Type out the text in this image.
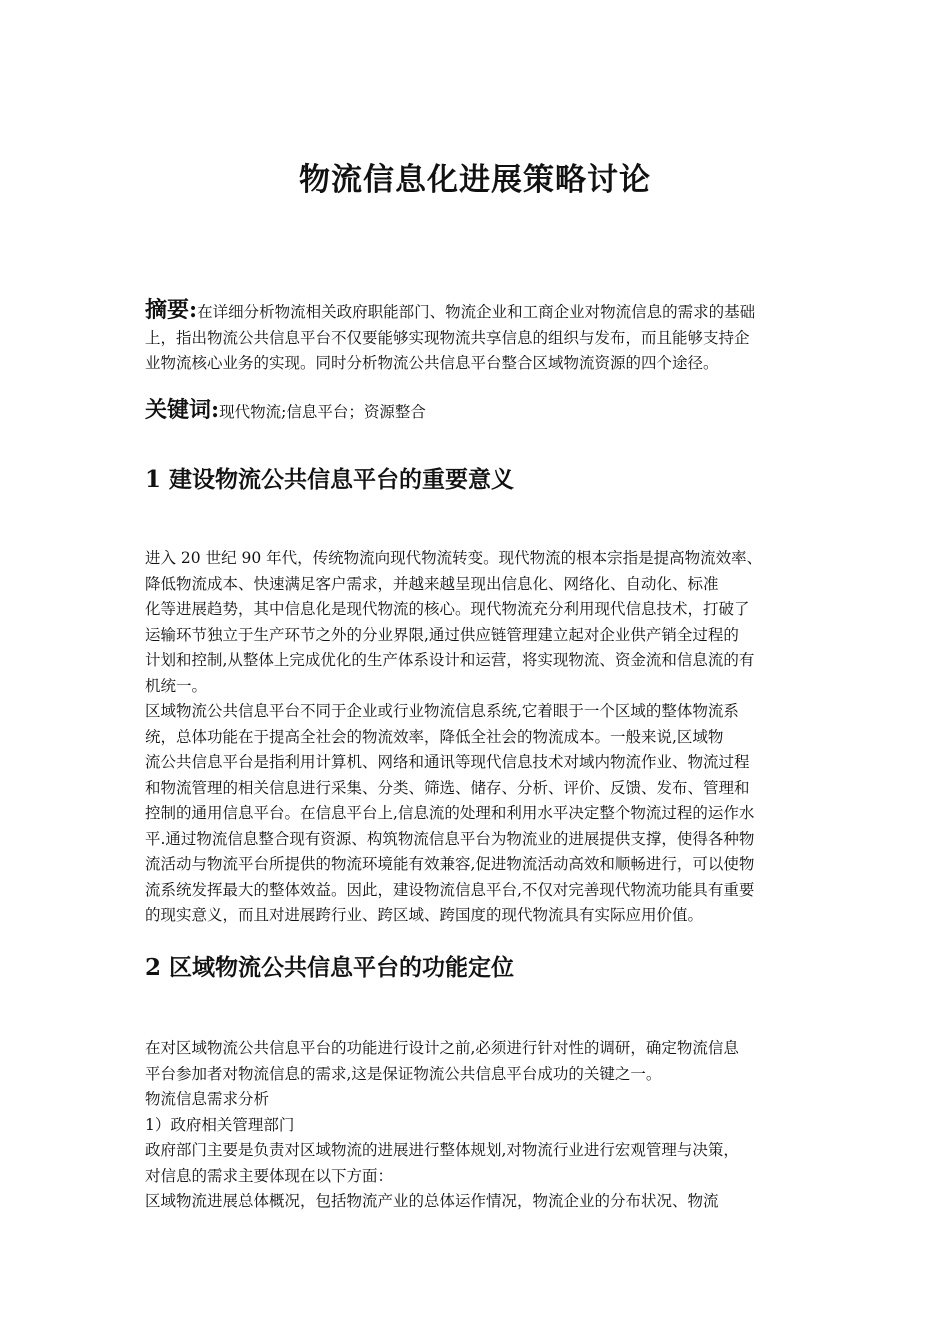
物流信息化进展策略讨论

摘要:在详细分析物流相关政府职能部门、物流企业和工商企业对物流信息的需求的基础

上，指出物流公共信息平台不仅要能够实现物流共享信息的组织与发布，而且能够支持企

业物流核心业务的实现。同时分析物流公共信息平台整合区域物流资源的四个途径。

关键词:现代物流;信息平台；资源整合

1 建设物流公共信息平台的重要意义

进入 20 世纪 90 年代，传统物流向现代物流转变。现代物流的根本宗指是提高物流效率、

降低物流成本、快速满足客户需求，并越来越呈现出信息化、网络化、自动化、标准

化等进展趋势，其中信息化是现代物流的核心。现代物流充分利用现代信息技术，打破了

运输环节独立于生产环节之外的分业界限,通过供应链管理建立起对企业供产销全过程的

计划和控制,从整体上完成优化的生产体系设计和运营，将实现物流、资金流和信息流的有

机统一。

区域物流公共信息平台不同于企业或行业物流信息系统,它着眼于一个区域的整体物流系

统，总体功能在于提高全社会的物流效率，降低全社会的物流成本。一般来说,区域物

流公共信息平台是指利用计算机、网络和通讯等现代信息技术对域内物流作业、物流过程

和物流管理的相关信息进行采集、分类、筛选、储存、分析、评价、反馈、发布、管理和

控制的通用信息平台。在信息平台上,信息流的处理和利用水平决定整个物流过程的运作水

平.通过物流信息整合现有资源、构筑物流信息平台为物流业的进展提供支撑，使得各种物

流活动与物流平台所提供的物流环境能有效兼容,促进物流活动高效和顺畅进行，可以使物

流系统发挥最大的整体效益。因此，建设物流信息平台,不仅对完善现代物流功能具有重要

的现实意义，而且对进展跨行业、跨区域、跨国度的现代物流具有实际应用价值。

2 区域物流公共信息平台的功能定位

在对区域物流公共信息平台的功能进行设计之前,必须进行针对性的调研，确定物流信息

平台参加者对物流信息的需求,这是保证物流公共信息平台成功的关键之一。

物流信息需求分析

1）政府相关管理部门

政府部门主要是负责对区域物流的进展进行整体规划,对物流行业进行宏观管理与决策，

对信息的需求主要体现在以下方面：

区域物流进展总体概况，包括物流产业的总体运作情况，物流企业的分布状况、物流
